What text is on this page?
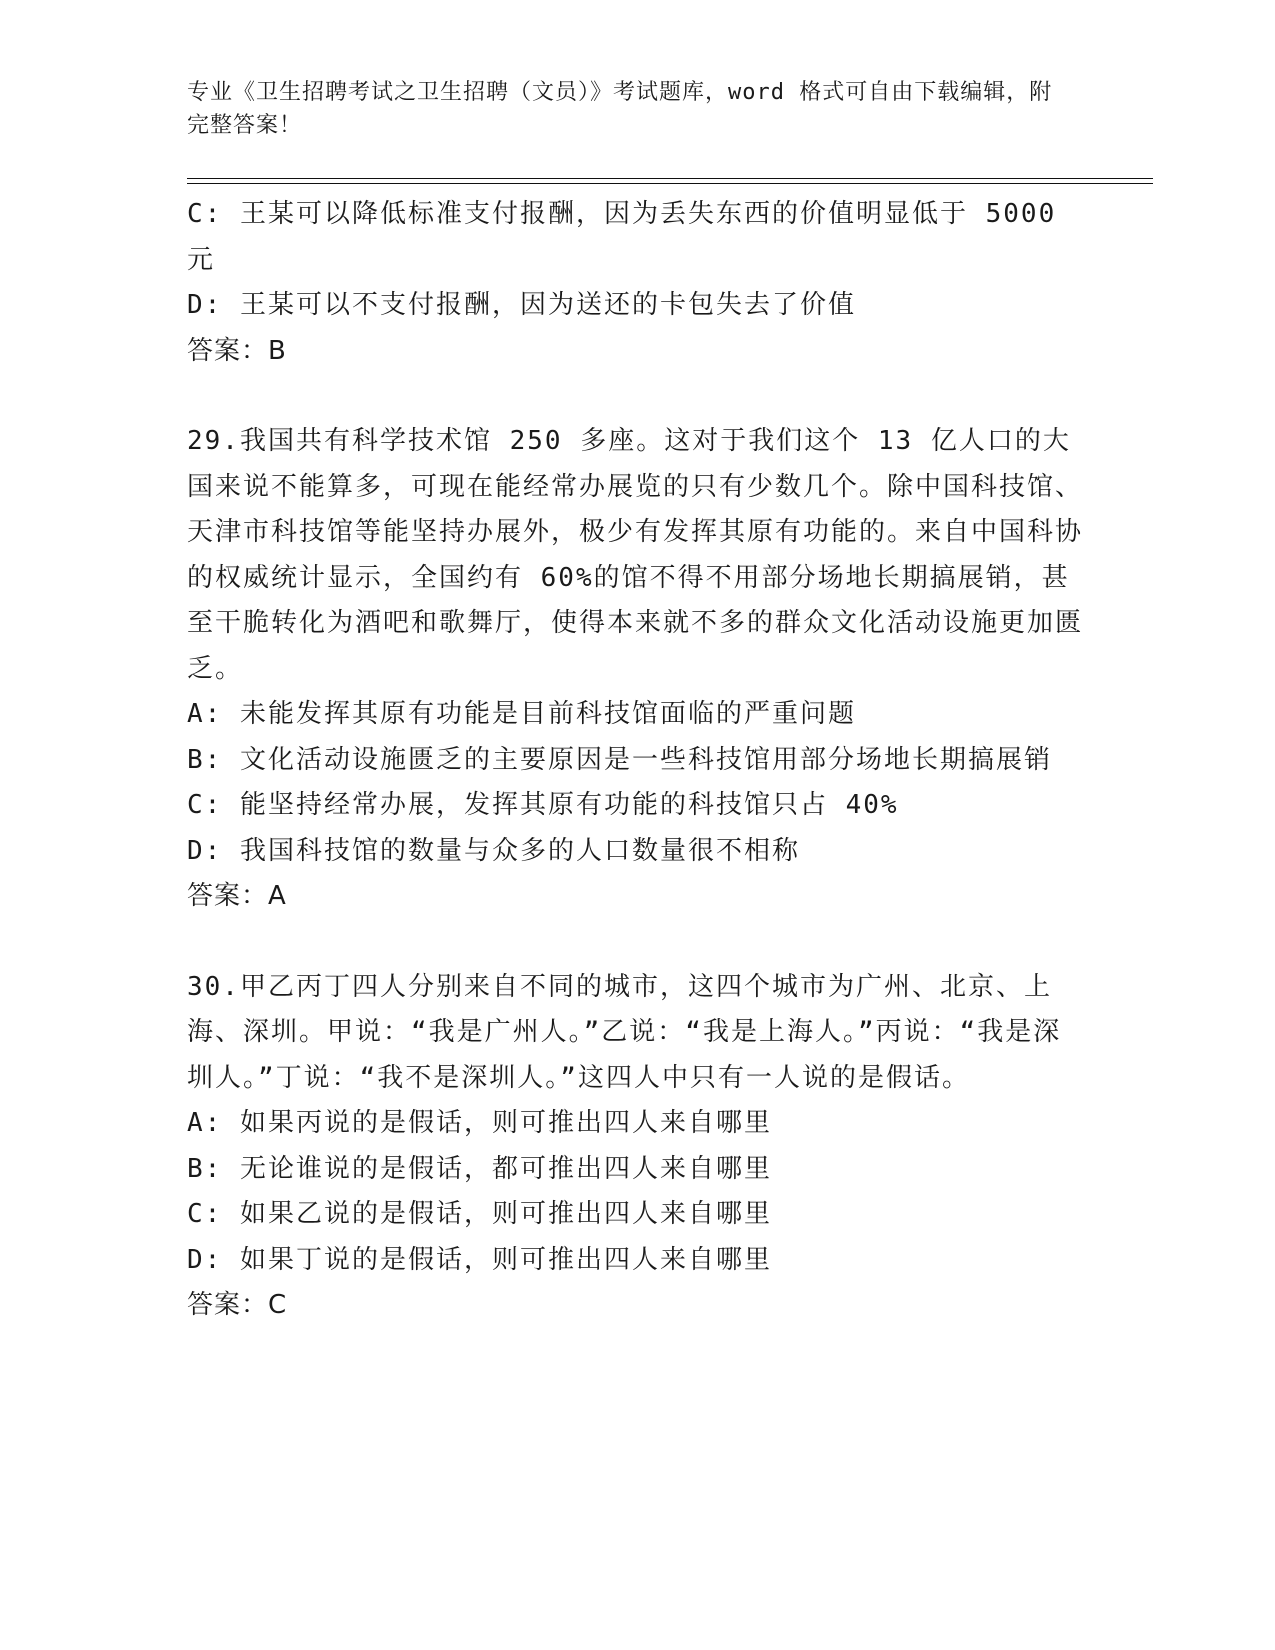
专业《卫生招聘考试之卫生招聘（文员）》考试题库，word 格式可自由下载编辑，附完整答案！

C: 王某可以降低标准支付报酬，因为丢失东西的价值明显低于 5000 元

D: 王某可以不支付报酬，因为送还的卡包失去了价值

答案：B

29.我国共有科学技术馆 250 多座。这对于我们这个 13 亿人口的大国来说不能算多，可现在能经常办展览的只有少数几个。除中国科技馆、天津市科技馆等能坚持办展外，极少有发挥其原有功能的。来自中国科协的权威统计显示，全国约有 60%的馆不得不用部分场地长期搞展销，甚至干脆转化为酒吧和歌舞厅，使得本来就不多的群众文化活动设施更加匮乏。

A: 未能发挥其原有功能是目前科技馆面临的严重问题

B: 文化活动设施匮乏的主要原因是一些科技馆用部分场地长期搞展销

C: 能坚持经常办展，发挥其原有功能的科技馆只占 40%

D: 我国科技馆的数量与众多的人口数量很不相称

答案：A

30.甲乙丙丁四人分别来自不同的城市，这四个城市为广州、北京、上海、深圳。甲说：“我是广州人。”乙说：“我是上海人。”丙说：“我是深圳人。”丁说：“我不是深圳人。”这四人中只有一人说的是假话。

A: 如果丙说的是假话，则可推出四人来自哪里

B: 无论谁说的是假话，都可推出四人来自哪里

C: 如果乙说的是假话，则可推出四人来自哪里

D: 如果丁说的是假话，则可推出四人来自哪里

答案：C
